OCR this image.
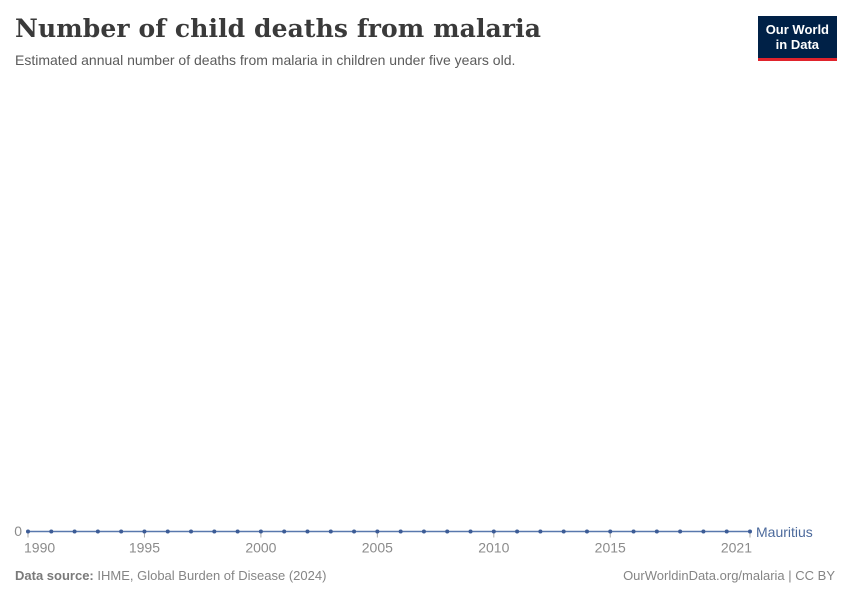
Number of child deaths from malaria
Estimated annual number of deaths from malaria in children under five years old.
Our World
in Data
1990	1995	2000	2005	2010	2015	2021
0	Mauritius
Data source: IHME, Global Burden of Disease (2024)	OurWorldinData.org/malaria | CC BY
